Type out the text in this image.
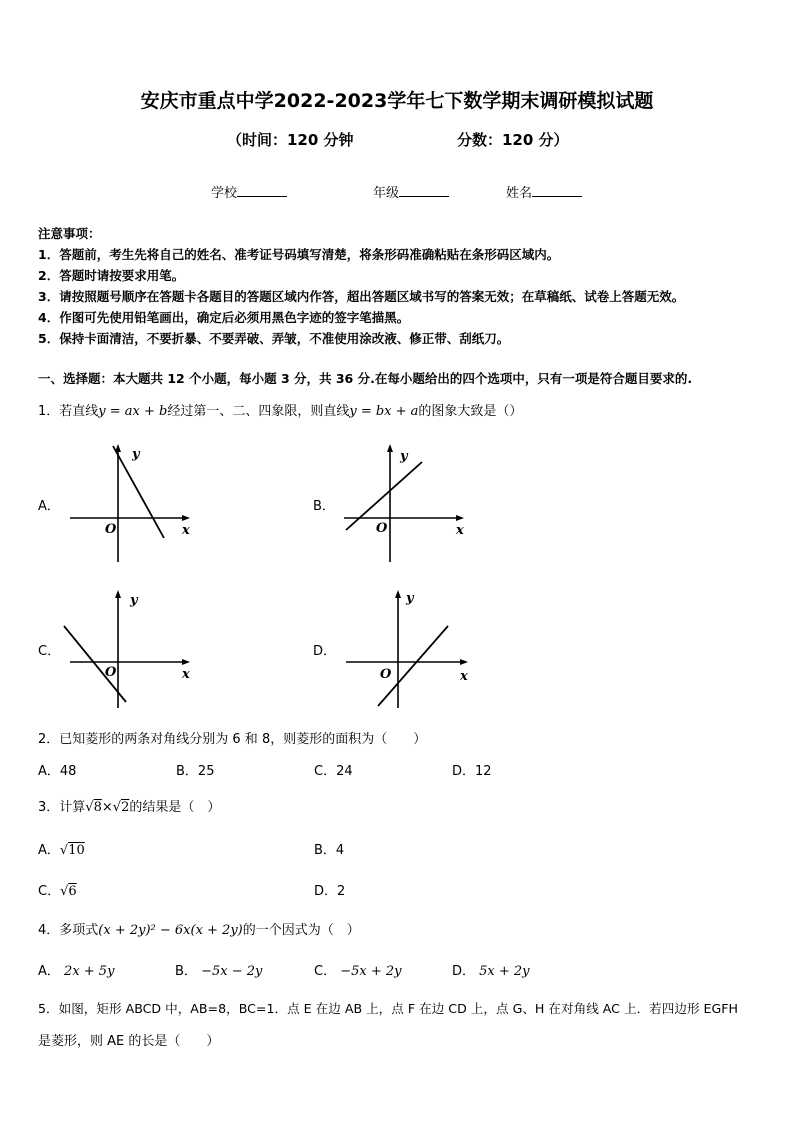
安庆市重点中学2022-2023学年七下数学期末调研模拟试题
（时间：120 分钟	分数：120 分）
学校	年级	姓名
注意事项：
1．答题前，考生先将自己的姓名、准考证号码填写清楚，将条形码准确粘贴在条形码区域内。
2．答题时请按要求用笔。
3．请按照题号顺序在答题卡各题目的答题区域内作答，超出答题区域书写的答案无效；在草稿纸、试卷上答题无效。
4．作图可先使用铅笔画出，确定后必须用黑色字迹的签字笔描黑。
5．保持卡面清洁，不要折暴、不要弄破、弄皱，不准使用涂改液、修正带、刮纸刀。
一、选择题：本大题共 12 个小题，每小题 3 分，共 36 分.在每小题给出的四个选项中，只有一项是符合题目要求的.
1．若直线y = ax + b经过第一、二、四象限，则直线y = bx + a的图象大致是（）
A．	B．
C．	D．
y
x
O
y
x
O
y
x
O
y
x
O
2．已知菱形的两条对角线分别为 6 和 8，则菱形的面积为（　　）
A．48	B．25	C．24	D．12
3．计算√8×√2的结果是（　）
A．√10	B．4
C．√6	D．2
4．多项式(x + 2y)² − 6x(x + 2y)的一个因式为（　）
A． 2x + 5y	B． −5x − 2y	C． −5x + 2y	D． 5x + 2y
5．如图，矩形 ABCD 中，AB=8，BC=1．点 E 在边 AB 上，点 F 在边 CD 上，点 G、H 在对角线 AC 上．若四边形 EGFH
是菱形，则 AE 的长是（　　）
